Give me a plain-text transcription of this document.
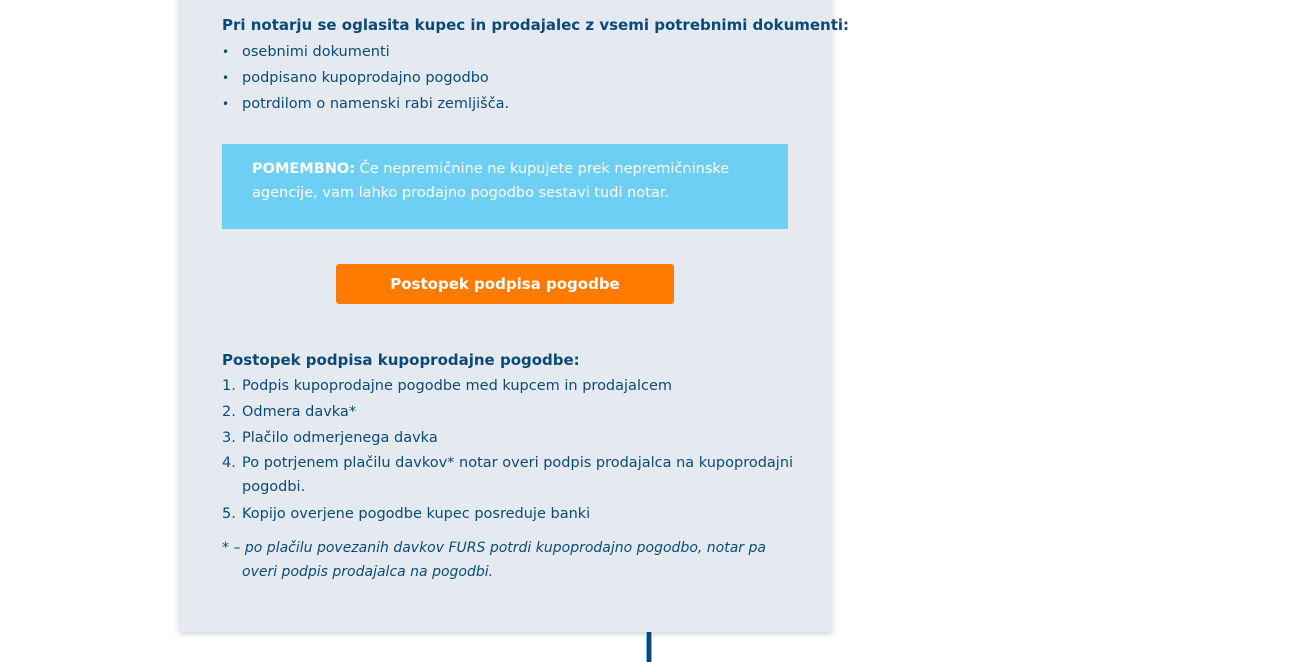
Pri notarju se oglasita kupec in prodajalec z vsemi potrebnimi dokumenti:

• osebnimi dokumenti
• podpisano kupoprodajno pogodbo
• potrdilom o namenski rabi zemljišča.
POMEMBNO: Če nepremičnine ne kupujete prek nepremičninske agencije, vam lahko prodajno pogodbo sestavi tudi notar.
Postopek podpisa pogodbe

Postopek podpisa kupoprodajne pogodbe:

1. Podpis kupoprodajne pogodbe med kupcem in prodajalcem
2. Odmera davka*
3. Plačilo odmerjenega davka
4. Po potrjenem plačilu davkov* notar overi podpis prodajalca na kupoprodajni pogodbi.
5. Kopijo overjene pogodbe kupec posreduje banki
* – po plačilu povezanih davkov FURS potrdi kupoprodajno pogodbo, notar pa overi podpis prodajalca na pogodbi.
